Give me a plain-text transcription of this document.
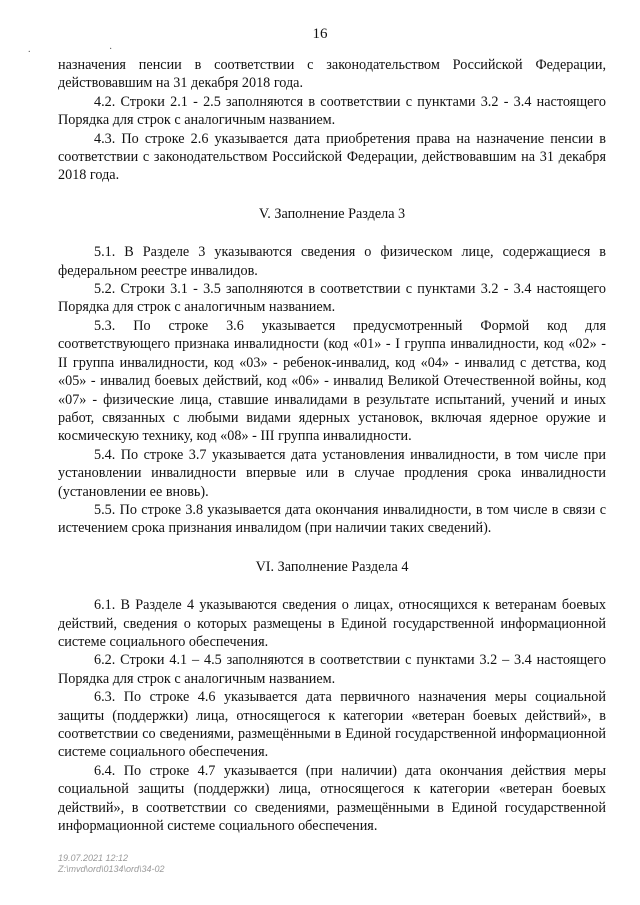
16
. ·

назначения пенсии в соответствии с законодательством Российской Федерации, действовавшим на 31 декабря 2018 года.

4.2. Строки 2.1 - 2.5 заполняются в соответствии с пунктами 3.2 - 3.4 настоящего Порядка для строк с аналогичным названием.

4.3. По строке 2.6 указывается дата приобретения права на назначение пенсии в соответствии с законодательством Российской Федерации, действовавшим на 31 декабря 2018 года.

V. Заполнение Раздела 3

5.1. В Разделе 3 указываются сведения о физическом лице, содержащиеся в федеральном реестре инвалидов.

5.2. Строки 3.1 - 3.5 заполняются в соответствии с пунктами 3.2 - 3.4 настоящего Порядка для строк с аналогичным названием.

5.3. По строке 3.6 указывается предусмотренный Формой код для соответствующего признака инвалидности (код «01» - I группа инвалидности, код «02» - II группа инвалидности, код «03» - ребенок-инвалид, код «04» - инвалид с детства, код «05» - инвалид боевых действий, код «06» - инвалид Великой Отечественной войны, код «07» - физические лица, ставшие инвалидами в результате испытаний, учений и иных работ, связанных с любыми видами ядерных установок, включая ядерное оружие и космическую технику, код «08» - III группа инвалидности.

5.4. По строке 3.7 указывается дата установления инвалидности, в том числе при установлении инвалидности впервые или в случае продления срока инвалидности (установлении ее вновь).

5.5. По строке 3.8 указывается дата окончания инвалидности, в том числе в связи с истечением срока признания инвалидом (при наличии таких сведений).

VI. Заполнение Раздела 4

6.1. В Разделе 4 указываются сведения о лицах, относящихся к ветеранам боевых действий, сведения о которых размещены в Единой государственной информационной системе социального обеспечения.

6.2. Строки 4.1 – 4.5 заполняются в соответствии с пунктами 3.2 – 3.4 настоящего Порядка для строк с аналогичным названием.

6.3. По строке 4.6 указывается дата первичного назначения меры социальной защиты (поддержки) лица, относящегося к категории «ветеран боевых действий», в соответствии со сведениями, размещёнными в Единой государственной информационной системе социального обеспечения.

6.4. По строке 4.7 указывается (при наличии) дата окончания действия меры социальной защиты (поддержки) лица, относящегося к категории «ветеран боевых действий», в соответствии со сведениями, размещёнными в Единой государственной информационной системе социального обеспечения.

19.07.2021 12:12
Z:\mvd\ord\0134\ord\34-02
